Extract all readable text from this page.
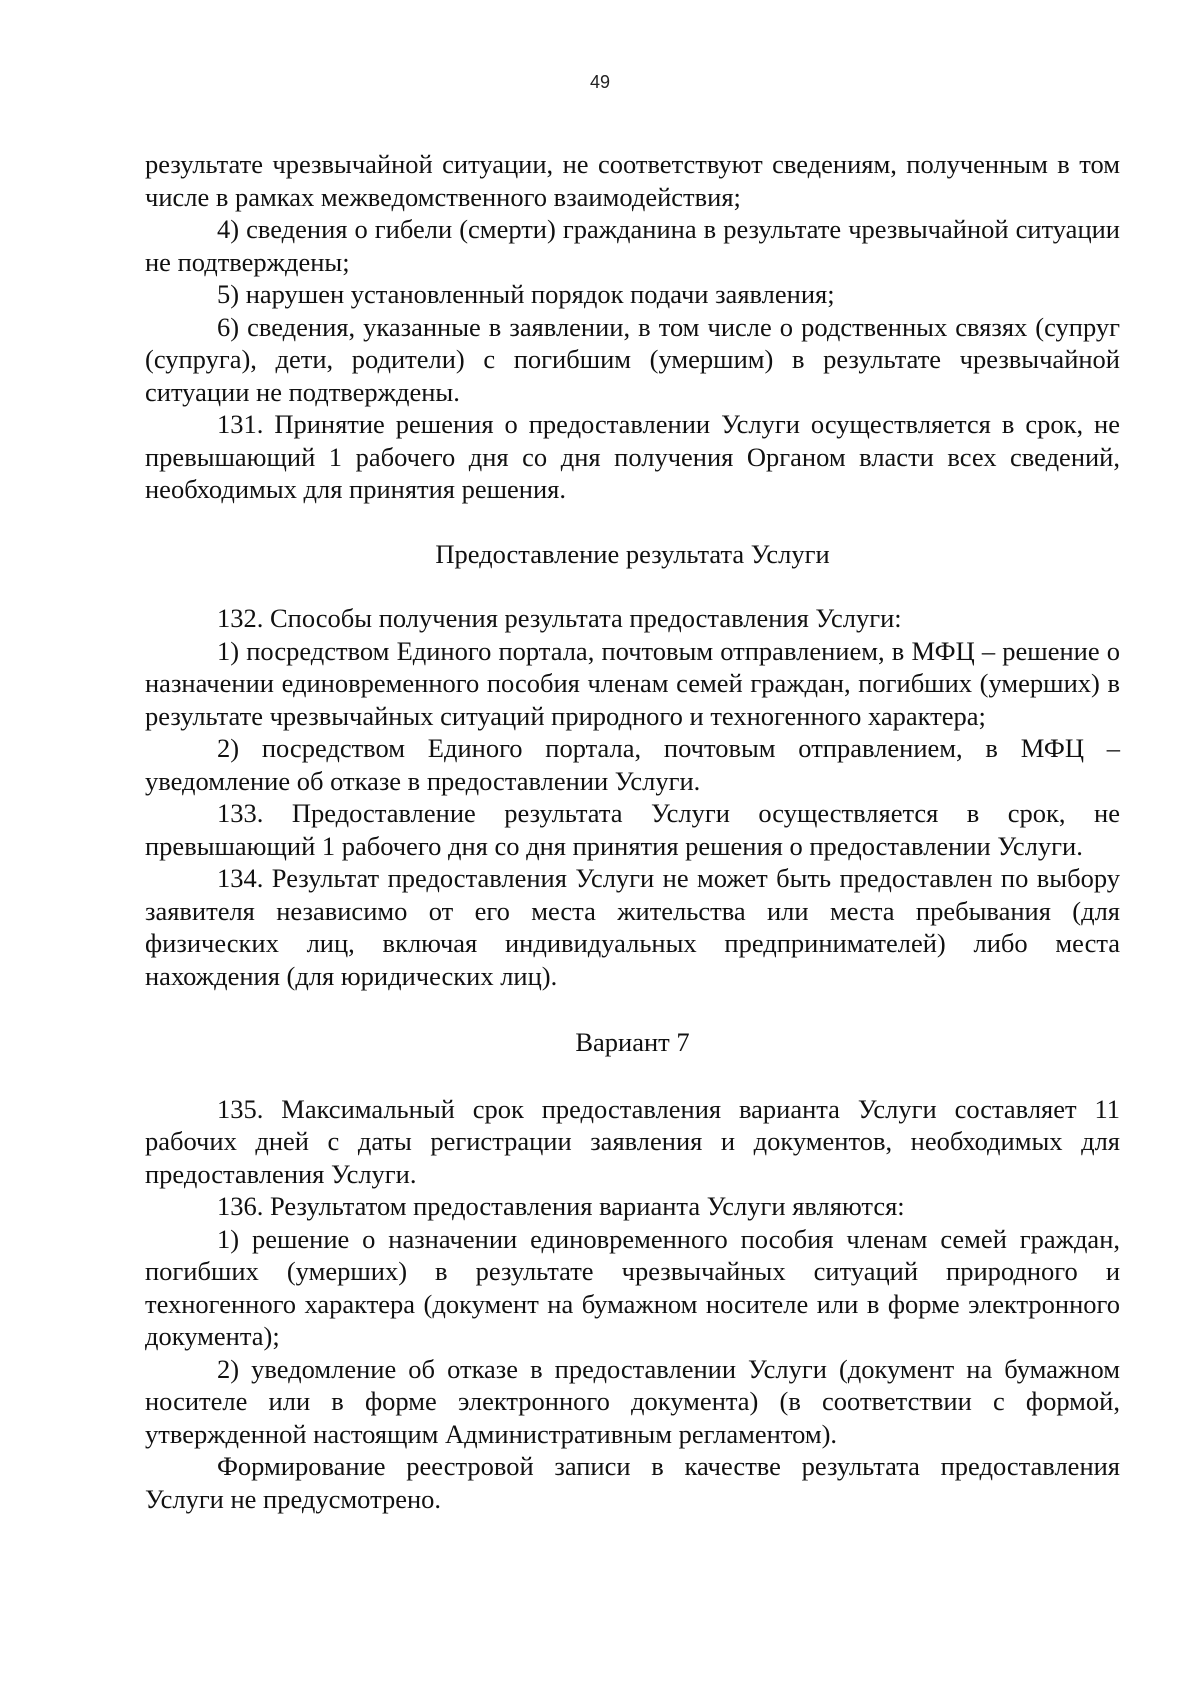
49

результате чрезвычайной ситуации, не соответствуют сведениям, полученным в том числе в рамках межведомственного взаимодействия;

4) сведения о гибели (смерти) гражданина в результате чрезвычайной ситуации не подтверждены;

5) нарушен установленный порядок подачи заявления;

6) сведения, указанные в заявлении, в том числе о родственных связях (супруг (супруга), дети, родители) с погибшим (умершим) в результате чрезвычайной ситуации не подтверждены.

131. Принятие решения о предоставлении Услуги осуществляется в срок, не превышающий 1 рабочего дня со дня получения Органом власти всех сведений, необходимых для принятия решения.

Предоставление результата Услуги

132. Способы получения результата предоставления Услуги:

1) посредством Единого портала, почтовым отправлением, в МФЦ – решение о назначении единовременного пособия членам семей граждан, погибших (умерших) в результате чрезвычайных ситуаций природного и техногенного характера;

2) посредством Единого портала, почтовым отправлением, в МФЦ – уведомление об отказе в предоставлении Услуги.

133. Предоставление результата Услуги осуществляется в срок, не превышающий 1 рабочего дня со дня принятия решения о предоставлении Услуги.

134. Результат предоставления Услуги не может быть предоставлен по выбору заявителя независимо от его места жительства или места пребывания (для физических лиц, включая индивидуальных предпринимателей) либо места нахождения (для юридических лиц).

Вариант 7

135. Максимальный срок предоставления варианта Услуги составляет 11 рабочих дней с даты регистрации заявления и документов, необходимых для предоставления Услуги.

136. Результатом предоставления варианта Услуги являются:

1) решение о назначении единовременного пособия членам семей граждан, погибших (умерших) в результате чрезвычайных ситуаций природного и техногенного характера (документ на бумажном носителе или в форме электронного документа);

2) уведомление об отказе в предоставлении Услуги (документ на бумажном носителе или в форме электронного документа) (в соответствии с формой, утвержденной настоящим Административным регламентом).

Формирование реестровой записи в качестве результата предоставления Услуги не предусмотрено.
